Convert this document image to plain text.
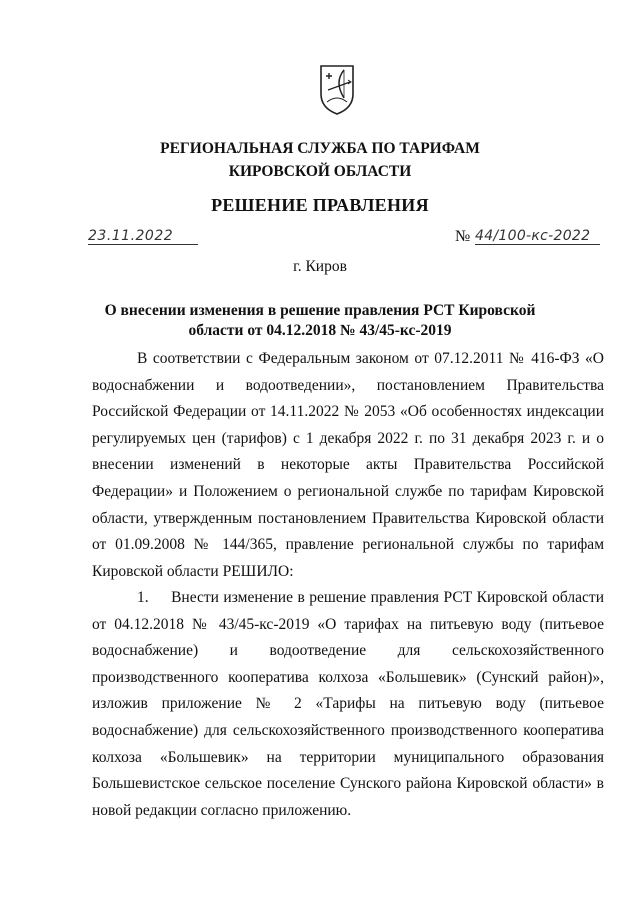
РЕГИОНАЛЬНАЯ СЛУЖБА ПО ТАРИФАМ
КИРОВСКОЙ ОБЛАСТИ
РЕШЕНИЕ ПРАВЛЕНИЯ
23.11.2022	№ 44/100-кс-2022
г. Киров
О внесении изменения в решение правления РСТ Кировской
области от 04.12.2018 № 43/45-кс-2019

В соответствии с Федеральным законом от 07.12.2011 № 416-ФЗ «О водоснабжении и водоотведении», постановлением Правительства Российской Федерации от 14.11.2022 № 2053 «Об особенностях индексации регулируемых цен (тарифов) с 1 декабря 2022 г. по 31 декабря 2023 г. и о внесении изменений в некоторые акты Правительства Российской Федерации» и Положением о региональной службе по тарифам Кировской области, утвержденным постановлением Правительства Кировской области от 01.09.2008 № 144/365, правление региональной службы по тарифам Кировской области РЕШИЛО:

1.     Внести изменение в решение правления РСТ Кировской области от 04.12.2018 № 43/45-кс-2019 «О тарифах на питьевую воду (питьевое водоснабжение) и водоотведение для сельскохозяйственного производственного кооператива колхоза «Большевик» (Сунский район)», изложив приложение № 2 «Тарифы на питьевую воду (питьевое водоснабжение) для сельскохозяйственного производственного кооператива колхоза «Большевик» на территории муниципального образования Большевистское сельское поселение Сунского района Кировской области» в новой редакции согласно приложению.
